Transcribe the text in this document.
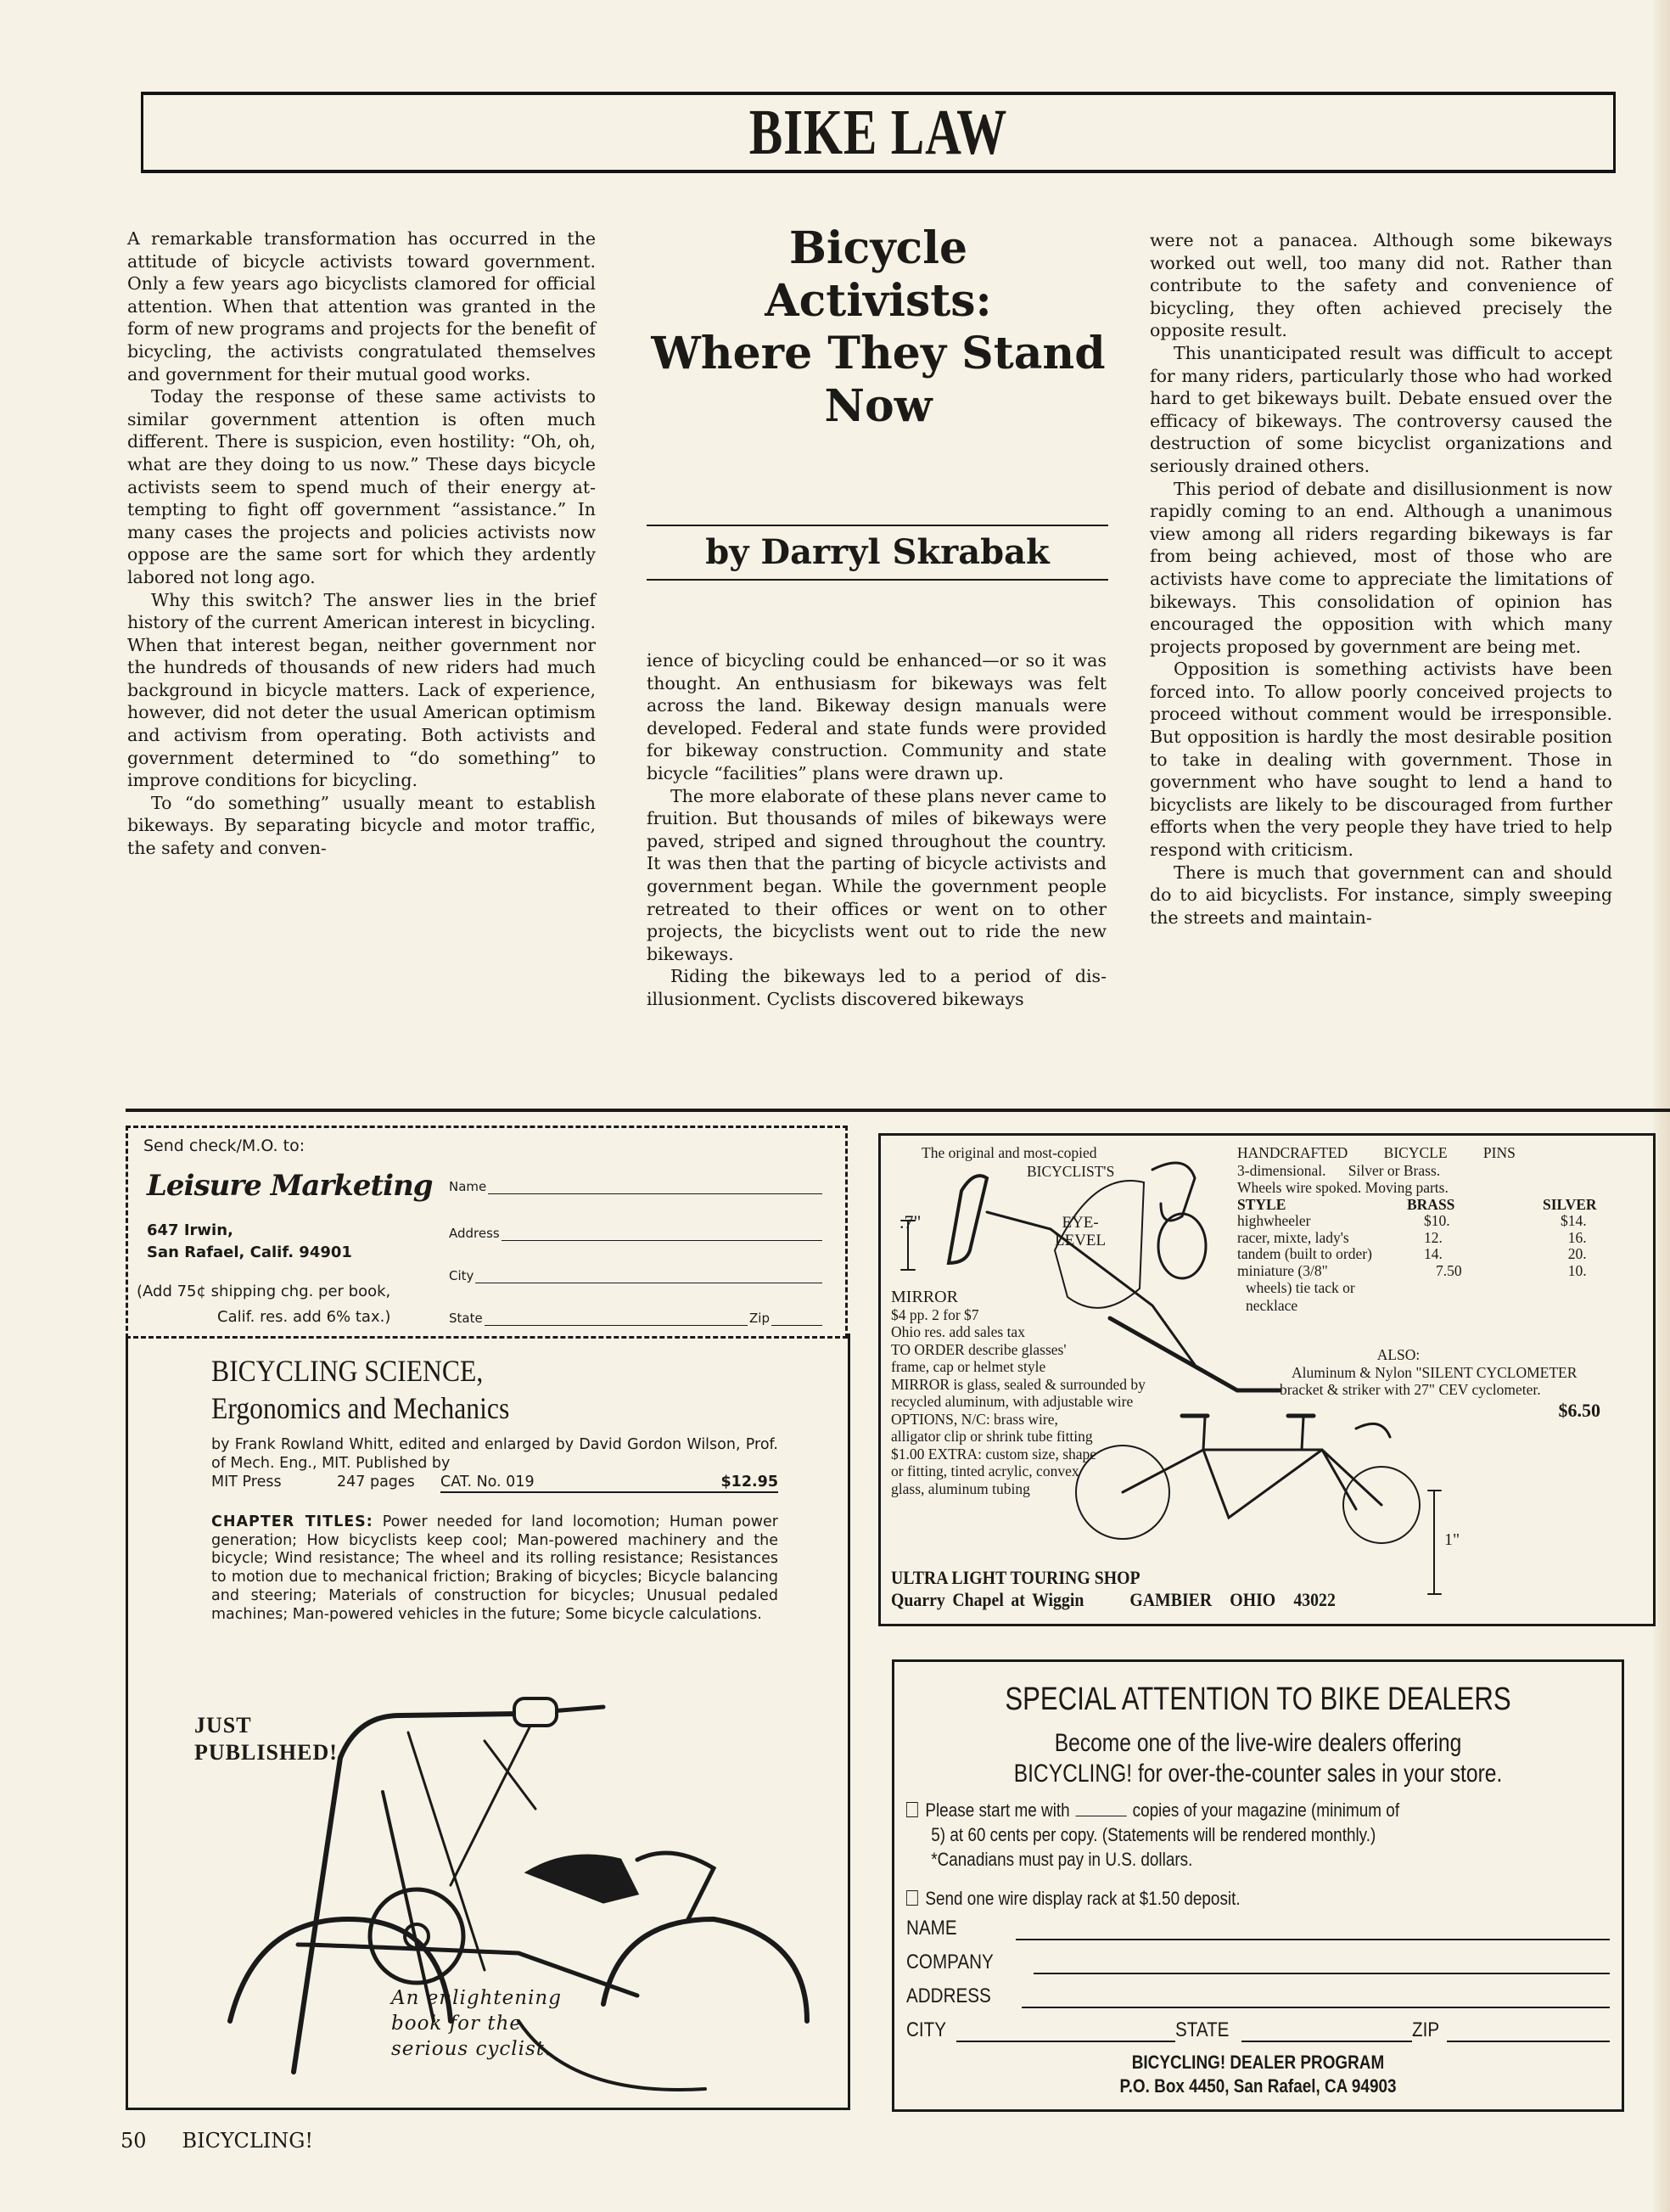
BIKE LAW

A remarkable transformation has occurred in the attitude of bicycle activists toward government. Only a few years ago bicyclists clamored for official attention. When that attention was granted in the form of new programs and projects for the benefit of bicycling, the activists congratulated themselves and government for their mutual good works.

Today the response of these same activists to similar government attention is often much different. There is suspicion, even hostility: “Oh, oh, what are they doing to us now.” These days bicycle activists seem to spend much of their energy attempting to fight off government “assistance.” In many cases the projects and policies activists now oppose are the same sort for which they ardently labored not long ago.

Why this switch? The answer lies in the brief history of the current American interest in bicycling. When that interest began, neither government nor the hundreds of thousands of new riders had much background in bicycle matters. Lack of experience, however, did not deter the usual American optimism and activism from operating. Both activists and government determined to “do something” to improve conditions for bicycling.

To “do something” usually meant to establish bikeways. By separating bicycle and motor traffic, the safety and conven-

Bicycle
Activists:
Where They Stand
Now
by Darryl Skrabak

ience of bicycling could be enhanced—or so it was thought. An enthusiasm for bikeways was felt across the land. Bikeway design manuals were developed. Federal and state funds were provided for bikeway construction. Community and state bicycle “facilities” plans were drawn up.

The more elaborate of these plans never came to fruition. But thousands of miles of bikeways were paved, striped and signed throughout the country. It was then that the parting of bicycle activists and government began. While the government people retreated to their offices or went on to other projects, the bicyclists went out to ride the new bikeways.

Riding the bikeways led to a period of disillusionment. Cyclists discovered bikeways

were not a panacea. Although some bikeways worked out well, too many did not. Rather than contribute to the safety and convenience of bicycling, they often achieved precisely the opposite result.

This unanticipated result was difficult to accept for many riders, particularly those who had worked hard to get bikeways built. Debate ensued over the efficacy of bikeways. The controversy caused the destruction of some bicyclist organizations and seriously drained others.

This period of debate and disillusionment is now rapidly coming to an end. Although a unanimous view among all riders regarding bikeways is far from being achieved, most of those who are activists have come to appreciate the limitations of bikeways. This consolidation of opinion has encouraged the opposition with which many projects proposed by government are being met.

Opposition is something activists have been forced into. To allow poorly conceived projects to proceed without comment would be irresponsible. But opposition is hardly the most desirable position to take in dealing with government. Those in government who have sought to lend a hand to bicyclists are likely to be discouraged from further efforts when the very people they have tried to help respond with criticism.

There is much that government can and should do to aid bicyclists. For instance, simply sweeping the streets and maintain-

Send check/M.O. to:
Leisure Marketing
647 Irwin,
San Rafael, Calif. 94901
(Add 75¢ shipping chg. per book,
Calif. res. add 6% tax.)
Name
Address
City
State	Zip
BICYCLING SCIENCE,
Ergonomics and Mechanics
by Frank Rowland Whitt, edited and enlarged by David Gordon Wilson, Prof. of Mech. Eng., MIT. Published by
MIT Press	247 pages	CAT. No. 019	$12.95
CHAPTER TITLES: Power needed for land locomotion; Human power generation; How bicyclists keep cool; Man-powered machinery and the bicycle; Wind resistance; The wheel and its rolling resistance; Resistances to motion due to mechanical friction; Braking of bicycles; Bicycle balancing and steering; Materials of construction for bicycles; Unusual pedaled machines; Man-powered vehicles in the future; Some bicycle calculations.
JUST
PUBLISHED!
An enlightening
book for the
serious cyclist.
The original and most-copied
BICYCLIST'S
.7"	EYE-
LEVEL
MIRROR
$4 pp. 2 for $7
Ohio res. add sales tax
TO ORDER describe glasses'
frame, cap or helmet style
MIRROR is glass, sealed & surrounded by
recycled aluminum, with adjustable wire
OPTIONS, N/C: brass wire,
alligator clip or shrink tube fitting
$1.00 EXTRA: custom size, shape
or fitting, tinted acrylic, convex
glass, aluminum tubing
HANDCRAFTED BICYCLE PINS
3-dimensional.      Silver or Brass.
Wheels wire spoked. Moving parts.
STYLE	BRASS	SILVER
highwheeler	$10.	$14.
racer, mixte, lady's	12.	16.
tandem (built to order)	14.	20.
miniature (3/8"	7.50	10.
wheels) tie tack or
necklace
ALSO:
Aluminum & Nylon "SILENT CYCLOMETER
bracket & striker with 27" CEV cyclometer.
$6.50
1"
ULTRA LIGHT TOURING SHOP
Quarry Chapel at Wiggin GAMBIER OHIO 43022
SPECIAL ATTENTION TO BIKE DEALERS
Become one of the live-wire dealers offering
BICYCLING! for over-the-counter sales in your store.
Please start me with	copies of your magazine (minimum of
5) at 60 cents per copy. (Statements will be rendered monthly.)
*Canadians must pay in U.S. dollars.
Send one wire display rack at $1.50 deposit.
NAME
COMPANY
ADDRESS
CITY	STATE	ZIP
BICYCLING! DEALER PROGRAM
P.O. Box 4450, San Rafael, CA 94903
50 BICYCLING!
